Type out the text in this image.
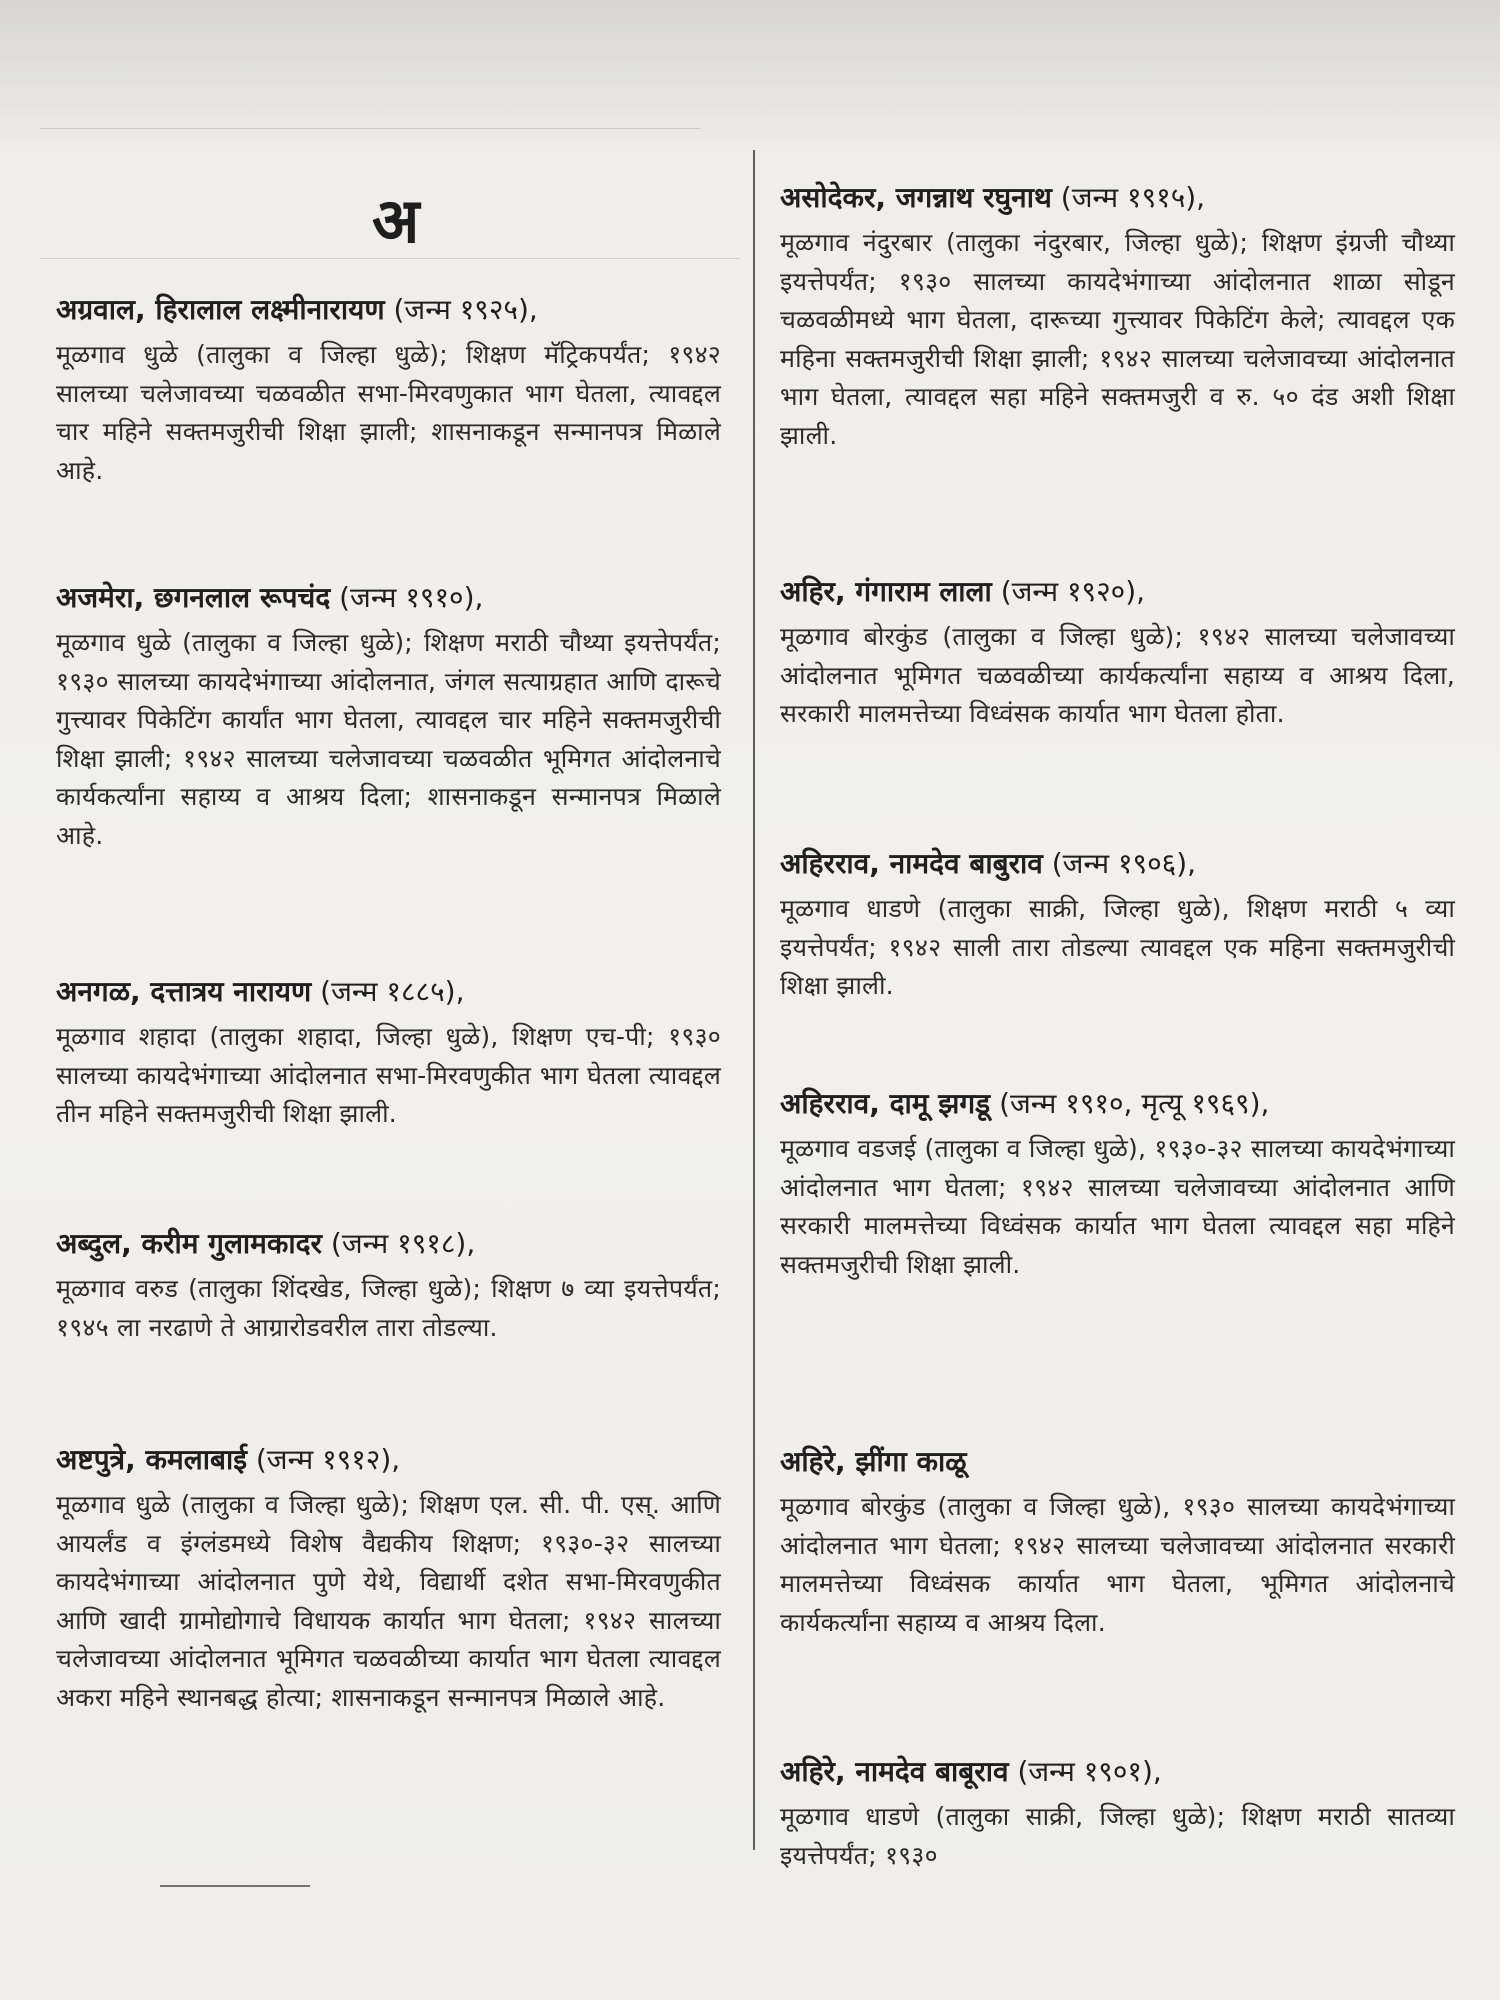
अ
अग्रवाल, हिरालाल लक्ष्मीनारायण (जन्म १९२५),
मूळगाव धुळे (तालुका व जिल्हा धुळे); शिक्षण मॅट्रिकपर्यंत; १९४२ सालच्या चलेजावच्या चळवळीत सभा-मिरवणुकात भाग घेतला, त्यावद्दल चार महिने सक्तमजुरीची शिक्षा झाली; शासनाकडून सन्मानपत्र मिळाले आहे.
अजमेरा, छगनलाल रूपचंद (जन्म १९१०),
मूळगाव धुळे (तालुका व जिल्हा धुळे); शिक्षण मराठी चौथ्या इयत्तेपर्यंत; १९३० सालच्या कायदेभंगाच्या आंदोलनात, जंगल सत्याग्रहात आणि दारूचे गुत्त्यावर पिकेटिंग कार्यांत भाग घेतला, त्यावद्दल चार महिने सक्तमजुरीची शिक्षा झाली; १९४२ सालच्या चलेजावच्या चळवळीत भूमिगत आंदोलनाचे कार्यकर्त्यांना सहाय्य व आश्रय दिला; शासनाकडून सन्मानपत्र मिळाले आहे.
अनगळ, दत्तात्रय नारायण (जन्म १८८५),
मूळगाव शहादा (तालुका शहादा, जिल्हा धुळे), शिक्षण एच-पी; १९३० सालच्या कायदेभंगाच्या आंदोलनात सभा-मिरवणुकीत भाग घेतला त्यावद्दल तीन महिने सक्तमजुरीची शिक्षा झाली.
अब्दुल, करीम गुलामकादर (जन्म १९१८),
मूळगाव वरुड (तालुका शिंदखेड, जिल्हा धुळे); शिक्षण ७ व्या इयत्तेपर्यंत; १९४५ ला नरढाणे ते आग्रारोडवरील तारा तोडल्या.
अष्टपुत्रे, कमलाबाई (जन्म १९१२),
मूळगाव धुळे (तालुका व जिल्हा धुळे); शिक्षण एल. सी. पी. एस्. आणि आयर्लंड व इंग्लंडमध्ये विशेष वैद्यकीय शिक्षण; १९३०-३२ सालच्या कायदेभंगाच्या आंदोलनात पुणे येथे, विद्यार्थी दशेत सभा-मिरवणुकीत आणि खादी ग्रामोद्योगाचे विधायक कार्यात भाग घेतला; १९४२ सालच्या चलेजावच्या आंदोलनात भूमिगत चळवळीच्या कार्यात भाग घेतला त्यावद्दल अकरा महिने स्थानबद्ध होत्या; शासनाकडून सन्मानपत्र मिळाले आहे.
असोदेकर, जगन्नाथ रघुनाथ (जन्म १९१५),
मूळगाव नंदुरबार (तालुका नंदुरबार, जिल्हा धुळे); शिक्षण इंग्रजी चौथ्या इयत्तेपर्यंत; १९३० सालच्या कायदेभंगाच्या आंदोलनात शाळा सोडून चळवळीमध्ये भाग घेतला, दारूच्या गुत्त्यावर पिकेटिंग केले; त्यावद्दल एक महिना सक्तमजुरीची शिक्षा झाली; १९४२ सालच्या चलेजावच्या आंदोलनात भाग घेतला, त्यावद्दल सहा महिने सक्तमजुरी व रु. ५० दंड अशी शिक्षा झाली.
अहिर, गंगाराम लाला (जन्म १९२०),
मूळगाव बोरकुंड (तालुका व जिल्हा धुळे); १९४२ सालच्या चलेजावच्या आंदोलनात भूमिगत चळवळीच्या कार्यकर्त्यांना सहाय्य व आश्रय दिला, सरकारी मालमत्तेच्या विध्वंसक कार्यात भाग घेतला होता.
अहिरराव, नामदेव बाबुराव (जन्म १९०६),
मूळगाव धाडणे (तालुका साक्री, जिल्हा धुळे), शिक्षण मराठी ५ व्या इयत्तेपर्यंत; १९४२ साली तारा तोडल्या त्यावद्दल एक महिना सक्तमजुरीची शिक्षा झाली.
अहिरराव, दामू झगडू (जन्म १९१०, मृत्यू १९६९),
मूळगाव वडजई (तालुका व जिल्हा धुळे), १९३०-३२ सालच्या कायदेभंगाच्या आंदोलनात भाग घेतला; १९४२ सालच्या चलेजावच्या आंदोलनात आणि सरकारी मालमत्तेच्या विध्वंसक कार्यात भाग घेतला त्यावद्दल सहा महिने सक्तमजुरीची शिक्षा झाली.
अहिरे, झींगा काळू
मूळगाव बोरकुंड (तालुका व जिल्हा धुळे), १९३० सालच्या कायदेभंगाच्या आंदोलनात भाग घेतला; १९४२ सालच्या चलेजावच्या आंदोलनात सरकारी मालमत्तेच्या विध्वंसक कार्यात भाग घेतला, भूमिगत आंदोलनाचे कार्यकर्त्यांना सहाय्य व आश्रय दिला.
अहिरे, नामदेव बाबूराव (जन्म १९०१),
मूळगाव धाडणे (तालुका साक्री, जिल्हा धुळे); शिक्षण मराठी सातव्या इयत्तेपर्यंत; १९३०
